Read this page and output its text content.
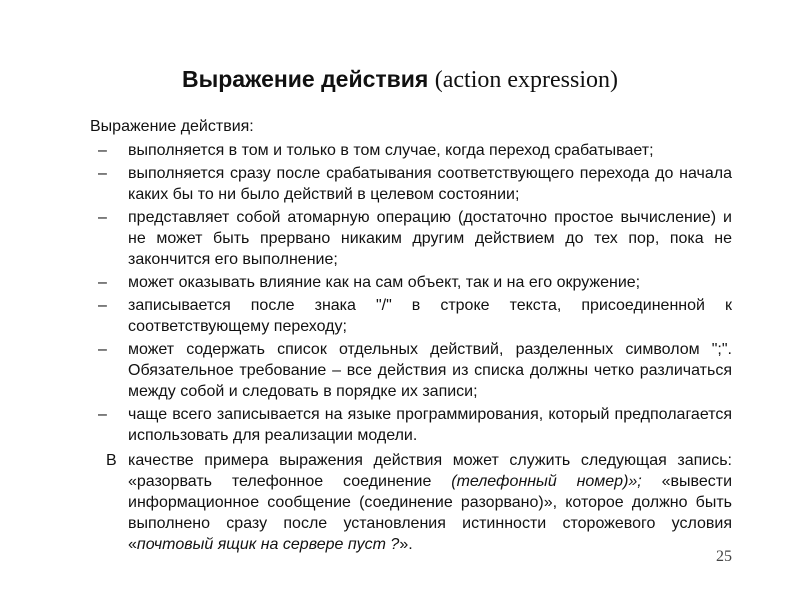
Выражение действия (action expression)

Выражение действия:

– выполняется в том и только в том случае, когда переход срабатывает;
– выполняется сразу после срабатывания соответствующего перехода до начала каких бы то ни было действий в целевом состоянии;
– представляет собой атомарную операцию (достаточно простое вычисление) и не может быть прервано никаким другим действием до тех пор, пока не закончится его выполнение;
– может оказывать влияние как на сам объект, так и на его окружение;
– записывается после знака "/" в строке текста, присоединенной к соответствующему переходу;
– может содержать список отдельных действий, разделенных символом ";". Обязательное требование – все действия из списка должны четко различаться между собой и следовать в порядке их записи;
– чаще всего записывается на языке программирования, который предполагается использовать для реализации модели.
В качестве примера выражения действия может служить следующая запись: «разорвать телефонное соединение (телефонный номер)»; «вывести информационное сообщение (соединение разорвано)», которое должно быть выполнено сразу после установления истинности сторожевого условия «почтовый ящик на сервере пуст ?».
25
